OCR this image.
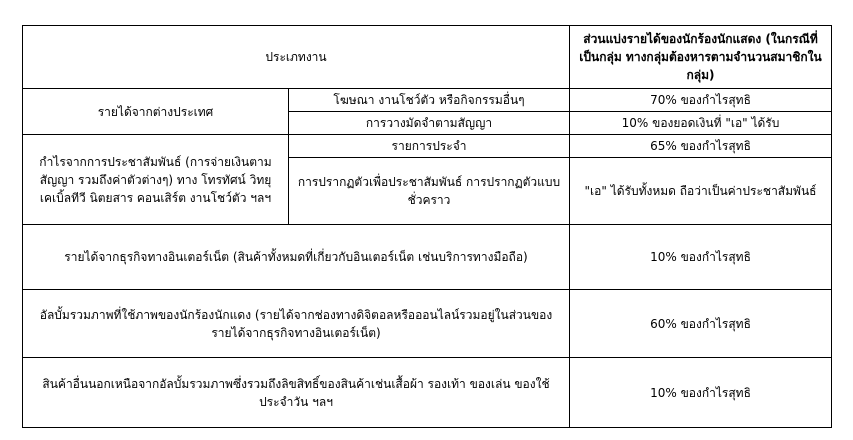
ประเภทงาน		ส่วนแบ่งรายได้ของนักร้องนักแสดง (ในกรณีที่เป็นกลุ่ม ทางกลุ่มต้องหารตามจำนวนสมาชิกในกลุ่ม)
รายได้จากต่างประเทศ	โฆษณา งานโชว์ตัว หรือกิจกรรมอื่นๆ	70% ของกำไรสุทธิ
	การวางมัดจำตามสัญญา	10% ของยอดเงินที่ "เอ" ได้รับ
กำไรจากการประชาสัมพันธ์ (การจ่ายเงินตามสัญญา รวมถึงค่าตัวต่างๆ) ทาง โทรทัศน์ วิทยุ เคเบิ้ลทีวี นิตยสาร คอนเสิร์ต งานโชว์ตัว ฯลฯ	รายการประจำ	65% ของกำไรสุทธิ
	การปรากฏตัวเพื่อประชาสัมพันธ์ การปรากฏตัวแบบชั่วคราว	"เอ" ได้รับทั้งหมด ถือว่าเป็นค่าประชาสัมพันธ์
รายได้จากธุรกิจทางอินเตอร์เน็ต (สินค้าทั้งหมดที่เกี่ยวกับอินเตอร์เน็ต เช่นบริการทางมือถือ)		10% ของกำไรสุทธิ
อัลบั้มรวมภาพที่ใช้ภาพของนักร้องนักแดง (รายได้จากช่องทางดิจิตอลหรือออนไลน์รวมอยู่ในส่วนของรายได้จากธุรกิจทางอินเตอร์เน็ต)		60% ของกำไรสุทธิ
สินค้าอื่นนอกเหนือจากอัลบั้มรวมภาพซึ่งรวมถึงลิขสิทธิ์ของสินค้าเช่นเสื้อผ้า รองเท้า ของเล่น ของใช้ประจำวัน ฯลฯ		10% ของกำไรสุทธิ
